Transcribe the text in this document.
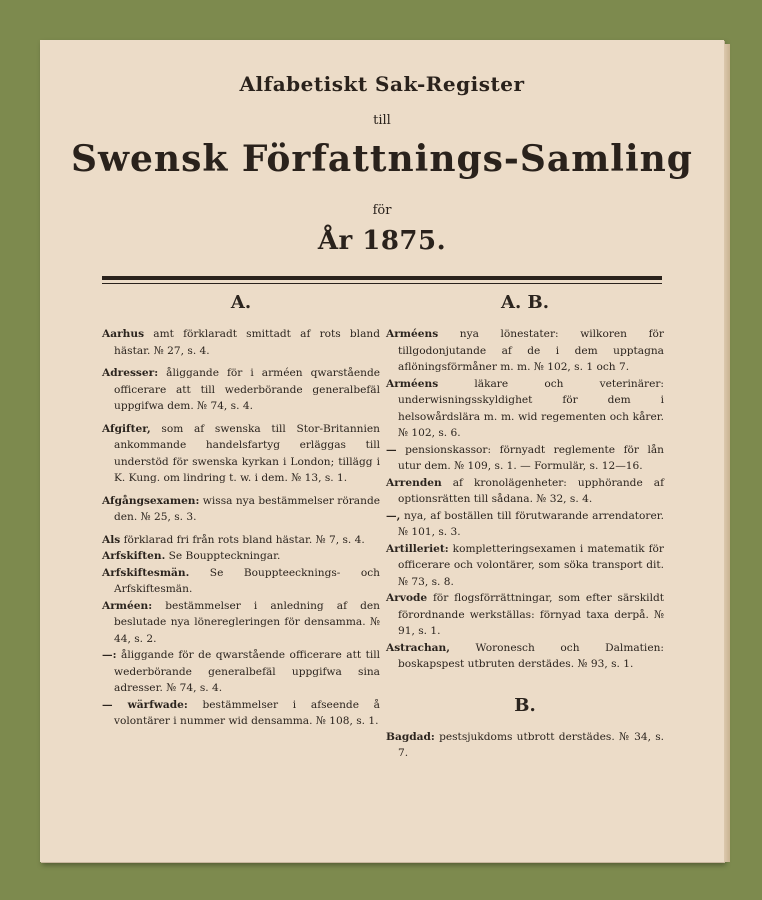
Alfabetiskt Sak-Register
till
Swensk Författnings-Samling
för
År 1875.
A.
Aarhus amt förklaradt smittadt af rots bland hästar. № 27, s. 4.
Adresser: åliggande för i arméen qwarstående officerare att till wederbörande generalbefäl uppgifwa dem. № 74, s. 4.
Afgifter, som af swenska till Stor-Britannien ankommande handelsfartyg erläggas till understöd för swenska kyrkan i London; tillägg i K. Kung. om lindring t. w. i dem. № 13, s. 1.
Afgångsexamen: wissa nya bestämmelser rörande den. № 25, s. 3.
Als förklarad fri från rots bland hästar. № 7, s. 4.
Arfskiften. Se Bouppteckningar.
Arfskiftesmän. Se Bouppteecknings- och Arfskiftesmän.
Arméen: bestämmelser i anledning af den beslutade nya löneregleringen för densamma. № 44, s. 2.
—: åliggande för de qwarstående officerare att till wederbörande generalbefäl uppgifwa sina adresser. № 74, s. 4.
— wärfwade: bestämmelser i afseende å volontärer i nummer wid densamma. № 108, s. 1.
A. B.
Arméens nya lönestater: wilkoren för tillgodonjutande af de i dem upptagna aflöningsförmåner m. m. № 102, s. 1 och 7.
Arméens läkare och veterinärer: underwisningsskyldighet för dem i helsowårdslära m. m. wid regementen och kårer. № 102, s. 6.
— pensionskassor: förnyadt reglemente för lån utur dem. № 109, s. 1. — Formulär, s. 12—16.
Arrenden af kronolägenheter: upphörande af optionsrätten till sådana. № 32, s. 4.
—, nya, af boställen till förutwarande arrendatorer. № 101, s. 3.
Artilleriet: kompletteringsexamen i matematik för officerare och volontärer, som söka transport dit. № 73, s. 8.
Arvode för flogsförrättningar, som efter särskildt förordnande werkställas: förnyad taxa derpå. № 91, s. 1.
Astrachan, Woronesch och Dalmatien: boskapspest utbruten derstädes. № 93, s. 1.
B.
Bagdad: pestsjukdoms utbrott derstädes. № 34, s. 7.
